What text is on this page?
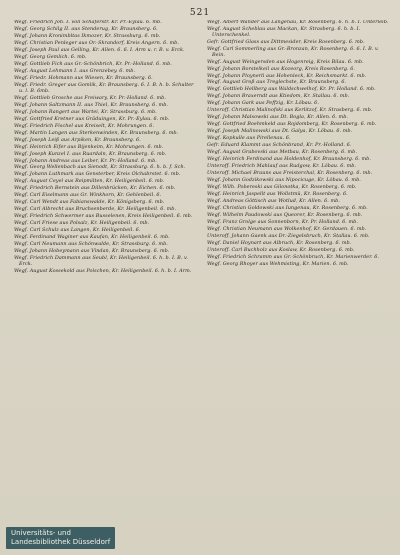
521
Wegf. Friedrich Joh. I. voll Schäferstr. Kr. Pr.-Eylau. 6. mb.
Wegf. Georg Schilg II. aus Stenderug, Kr. Braunsberg. 6.
Wegf. Johann Kronimbltas Ikmozer, Kr. Strassburg. 6. mb.
Wegf. Christian Penleger aus Or.-Skrandorf, Kreis Angern. 6. mb.
Wegf. Joseph Paul aus Gelling, Kr. Allen. 6. 6. I. Arm u. r. B. v. Erck.
Wegf. Georg Gemlich. 6. mb.
Wegf. Gottlieb Fich aus Gr.-Schönbrich, Kr. Pr.-Holland. 6. mb.
Wegf. August Lehmann I. aus Grenzebey. 6. mb.
Wegf. Friedr. Hohmann aus Wiesen, Kr. Braunsberg. 6.
Wegf. Friedr. Greger aus Gomlik, Kr. Braunsberg. 6. I. B. h. b. Schulter u. l. B. 6mb.
Wegf. Gottlieb Grosche aus Freiwary, Kr. Pr.-Holland. 6. mb.
Wegf. Johann Saltzmann II. aus Thiel, Kr. Braunsberg. 6. mb.
Wegf. Johann Rangert aus Wartei, Kr. Strassburg. 6. mb.
Wegf. Gottfried Kretner aus Gräduingen, Kr. Pr.-Eylau. 6. mb.
Wegf. Friedrich Fischel aus Kreiselt, Kr. Mohrungen. 6.
Wegf. Martin Langen aus Sterkenwinden, Kr. Braunsberg. 6. mb.
Wegf. Joseph Leiß aus Arpiken, Kr. Braunsberg. 6.
Wegf. Heinrich Eifer aus Bijenkeim, Kr. Mohrungen. 6. mb.
Wegf. Joseph Kunzel I. aus Ruardaln, Kr. Braunsberg. 6. mb.
Wegf. Johann Andreas aus Leiber, Kr. Pr.-Holland. 6. mb.
Wegf. Georg Wellenbach aus Sienodt, Kr. Strassburg. 6. h. b. f. Sch.
Wegf. Johann Luthmark aus Gensterber, Kreis Olchabrstet. 6. mb.
Wegf. August Ceyel aus Reipmilten, Kr. Heiligenbeil. 6. mb.
Wegf. Friedrich Bernstein aus Dillenbrücken, Kr. Eichen. 6. mb.
Wegf. Carl Eiselmann aus Gr. Winkhorn, Kr. Gehlenbeil. 6.
Wegf. Carl Wendt aus Fabianswalde, Kr. Königsberg. 6. mb.
Wegf. Carl Albrecht aus Bruchsenberde, Kr. Heiligenbeil. 6. mb.
Wegf. Friedrich Schwermer aus Busselenen, Kreis Heiligenbeil. 6. mb.
Wegf. Carl Friese aus Polsalz, Kr. Heiligenbeil. 6. mb.
Wegf. Carl Schulz aus Langen, Kr. Heiligenbeil. 6.
Wegf. Ferdinand Waginer aus Kaufan, Kr. Heiligenbeil. 6. mb.
Wegf. Carl Neumann aus Schönwalde, Kr. Strassburg. 6. mb.
Wegf. Johann Hobeymann aus Vindan, Kr. Braunsberg. 6. mb.
Wegf. Friedrich Dammann aus Seubl, Kr. Heiligenbeil. 6. h. b. I. B. v. Erck.
Wegf. August Kossekold aus Polschen, Kr. Heiligenbeil. 6. h. b. I. Arm.
Wegf. Albert Wander aus Langenau, Kr. Rosenberg. 6. h. b. I. Unterleib.
Wegf. August Scheblau aus Mackan, Kr. Strasberg. 6. h. b. I. Unterschenkel.
Gefr. Gottfried Glass aus Dittmesider, Kreis Rosenberg. 6. mb.
Wegf. Carl Sommerling aus Gr.-Bronzan, Kr. Rosenberg. 6. 6. I. B. v. Bein.
Wegf. August Weingersden aus Hogenreig, Kreis Bilau. 6. mb.
Wegf. Johann Borstelkeil aus Kozeorg, Kreis Rosenberg. 6.
Wegf. Johann Ploynerli aus Hohenleck, Kr. Reichsmarkt. 6. mb.
Wegf. August Groß aus Treglechste, Kr. Braunsberg. 6.
Wegf. Gottlieb Hellberg aus Waldschwelhof, Kr. Pr. Holland. 6. mb.
Wegf. Johann Braxerndt aus Ktiedom, Kr. Stallau. 6. mb.
Wegf. Johann Gark aus Peffzig, Kr. Löbau. 6.
Unteroff. Christian Malinofski aus Kerlitzof, Kr. Strasberg. 6. mb.
Wegf. Johann Malsowski aus Dt. Bogla, Kr. Allen. 6. mb.
Wegf. Gottfried Boehmkeld aus Rojdomberg, Kr. Rosenberg. 6. mb.
Wegf. Joseph Malinowski aus Dt. Galya, Kr. Löbau. 6. mb.
Wegf. Kopkulle aus Pirellenau. 6.
Gefr. Eduard Klammt aus Schönbrand, Kr. Pr.-Holland. 6.
Wegf. August Grabovski aus Metbau, Kr. Rosenberg. 6. mb.
Wegf. Heinrich Ferdinand aus Holdenhof, Kr. Braunsberg. 6. mb.
Unteroff. Friedrich Mahlauf aus Rudgow, Kr. Löbau. 6. mb.
Unteroff. Michael Brauns aus Freisterchal, Kr. Rosenberg. 6. mb.
Wegf. Johann Godzikowski aus Nipocicuge, Kr. Löbau. 6. mb.
Wegf. Wilh. Pobereski aus Gilonotka, Kr. Rosenberg. 6. mb.
Wegf. Heinrich Jaspellt aus Wollstmü, Kr. Rosenberg. 6.
Wegf. Andreas Göttisch aus Wotlud, Kr. Allen. 6. mb.
Wegf. Christian Goldowski aus Iungenau, Kr. Rosenberg. 6. mb.
Wegf. Wilhelm Paudowski aus Queorer, Kr. Rosenberg. 6. mb.
Wegf. Franz Grolge aus Sonnenborn, Kr. Pr. Holland. 6. mb.
Wegf. Christian Neumann aus Wolkenhof, Kr. Gerdauen. 6. mb.
Unteroff. Johann Gaenk aus Dr.-Ziegelsbruch, Kr. Stallau. 6. mb.
Wegf. Daniel Hoynart aus Albruch, Kr. Rosenberg. 6. mb.
Unteroff. Carl Buchholz aus Koslaw, Kr. Rosenberg. 6. mb.
Wegf. Friedrich Schramm aus Gr.-Schönbruch, Kr. Marienwerder. 6.
Wegf. Georg Rhoyer aus Wehmisting, Kr. Marien. 6. mb.
Universitäts- und
Landesbibliothek Düsseldorf
